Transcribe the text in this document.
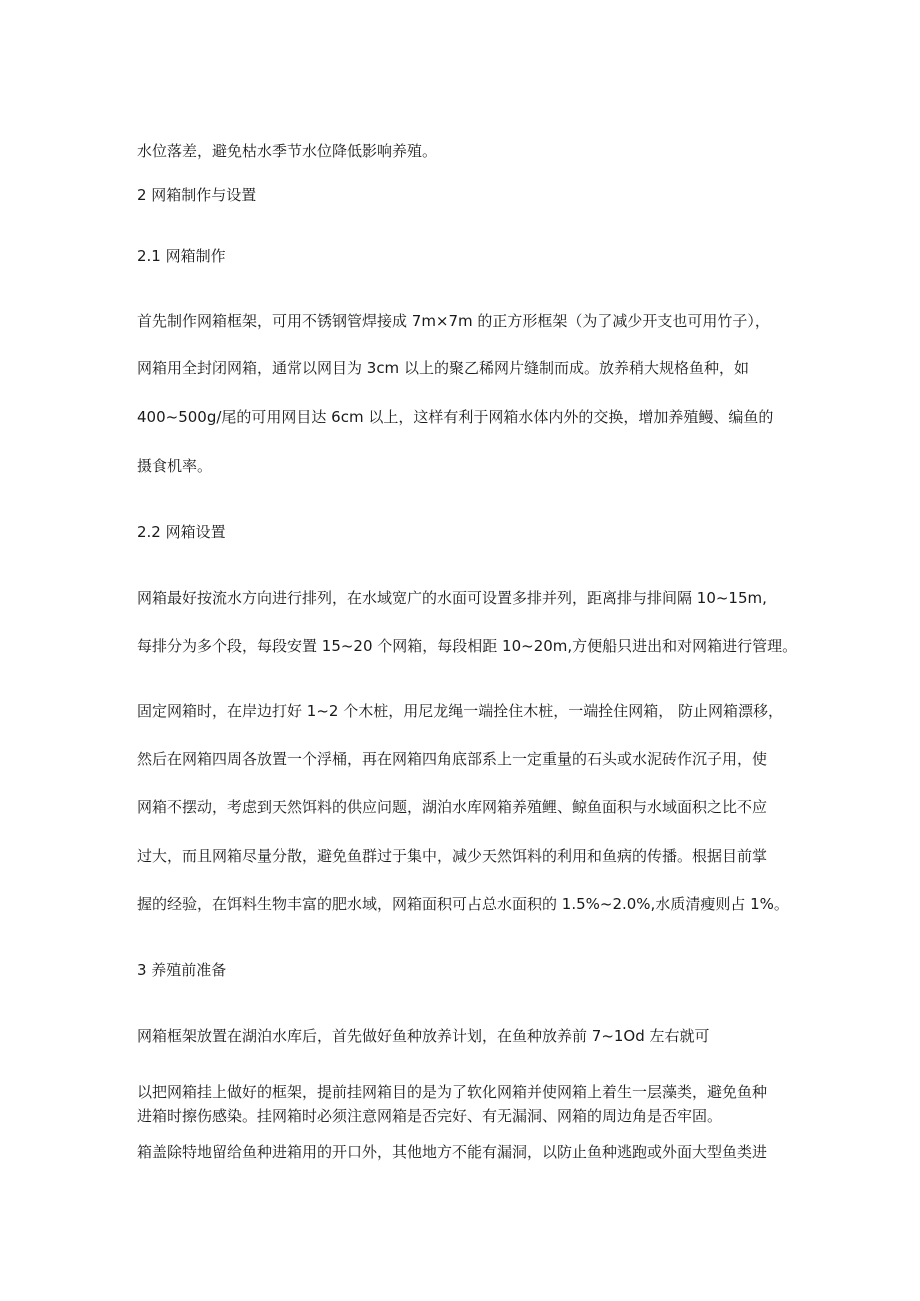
水位落差，避免枯水季节水位降低影响养殖。

2 网箱制作与设置

2.1 网箱制作

首先制作网箱框架，可用不锈钢管焊接成 7m×7m 的正方形框架（为了减少开支也可用竹子），

网箱用全封闭网箱，通常以网目为 3cm 以上的聚乙稀网片缝制而成。放养稍大规格鱼种，如

400~500g/尾的可用网目达 6cm 以上，这样有利于网箱水体内外的交换，增加养殖鳗、编鱼的

摄食机率。

2.2 网箱设置

网箱最好按流水方向进行排列，在水域宽广的水面可设置多排并列，距离排与排间隔 10~15m,

每排分为多个段，每段安置 15~20 个网箱，每段相距 10~20m,方便船只进出和对网箱进行管理。

固定网箱时，在岸边打好 1~2 个木桩，用尼龙绳一端拴住木桩，一端拴住网箱， 防止网箱漂移，

然后在网箱四周各放置一个浮桶，再在网箱四角底部系上一定重量的石头或水泥砖作沉子用，使

网箱不摆动，考虑到天然饵料的供应问题，湖泊水库网箱养殖鲤、鲸鱼面积与水域面积之比不应

过大，而且网箱尽量分散，避免鱼群过于集中，减少天然饵料的利用和鱼病的传播。根据目前掌

握的经验，在饵料生物丰富的肥水域，网箱面积可占总水面积的 1.5%~2.0%,水质清瘦则占 1%。

3 养殖前准备

网箱框架放置在湖泊水库后，首先做好鱼种放养计划，在鱼种放养前 7~1Od 左右就可

以把网箱挂上做好的框架，提前挂网箱目的是为了软化网箱并使网箱上着生一层藻类，避免鱼种

进箱时擦伤感染。挂网箱时必须注意网箱是否完好、有无漏洞、网箱的周边角是否牢固。

箱盖除特地留给鱼种进箱用的开口外，其他地方不能有漏洞，以防止鱼种逃跑或外面大型鱼类进
